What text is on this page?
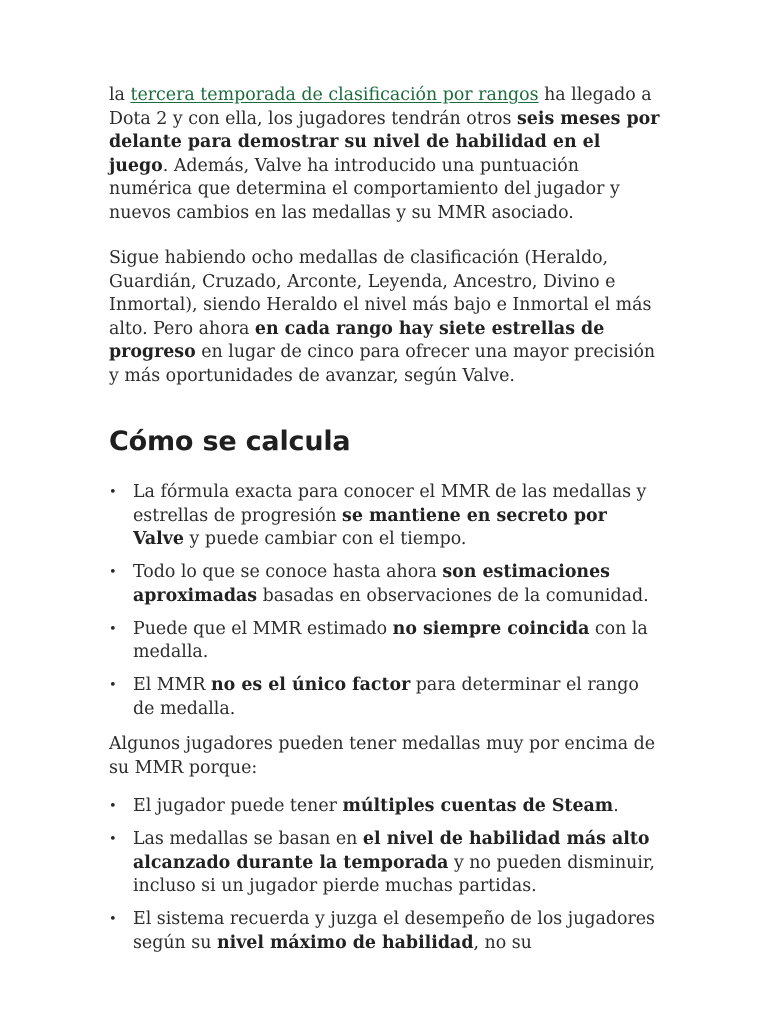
la tercera temporada de clasificación por rangos ha llegado a Dota 2 y con ella, los jugadores tendrán otros seis meses por delante para demostrar su nivel de habilidad en el juego. Además, Valve ha introducido una puntuación numérica que determina el comportamiento del jugador y nuevos cambios en las medallas y su MMR asociado.

Sigue habiendo ocho medallas de clasificación (Heraldo, Guardián, Cruzado, Arconte, Leyenda, Ancestro, Divino e Inmortal), siendo Heraldo el nivel más bajo e Inmortal el más alto. Pero ahora en cada rango hay siete estrellas de progreso en lugar de cinco para ofrecer una mayor precisión y más oportunidades de avanzar, según Valve.

Cómo se calcula
• La fórmula exacta para conocer el MMR de las medallas y estrellas de progresión se mantiene en secreto por Valve y puede cambiar con el tiempo.
• Todo lo que se conoce hasta ahora son estimaciones aproximadas basadas en observaciones de la comunidad.
• Puede que el MMR estimado no siempre coincida con la medalla.
• El MMR no es el único factor para determinar el rango de medalla.

Algunos jugadores pueden tener medallas muy por encima de su MMR porque:

• El jugador puede tener múltiples cuentas de Steam.
• Las medallas se basan en el nivel de habilidad más alto alcanzado durante la temporada y no pueden disminuir, incluso si un jugador pierde muchas partidas.
• El sistema recuerda y juzga el desempeño de los jugadores según su nivel máximo de habilidad, no su
